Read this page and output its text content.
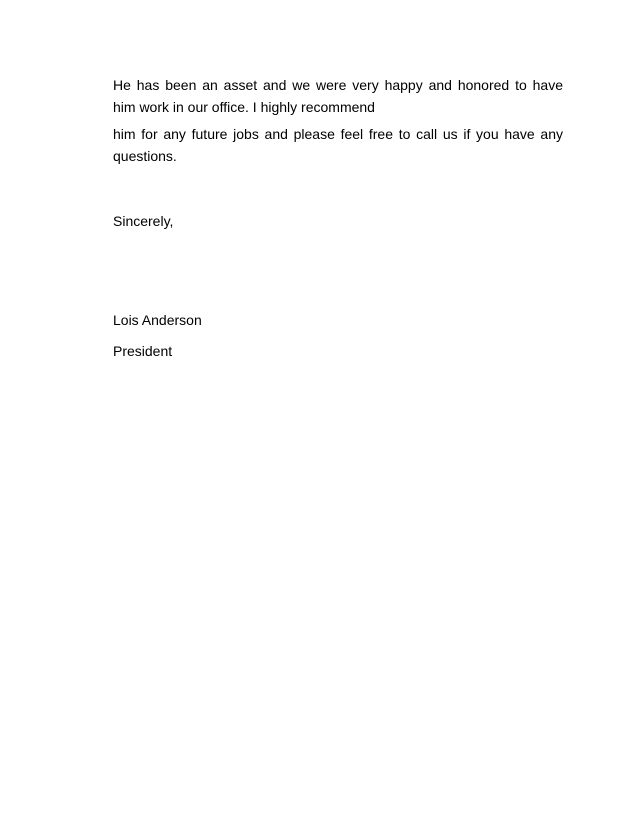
He has been an asset and we were very happy and honored to have him work in our office. I highly recommend

him for any future jobs and please feel free to call us if you have any questions.

Sincerely,

Lois Anderson

President
